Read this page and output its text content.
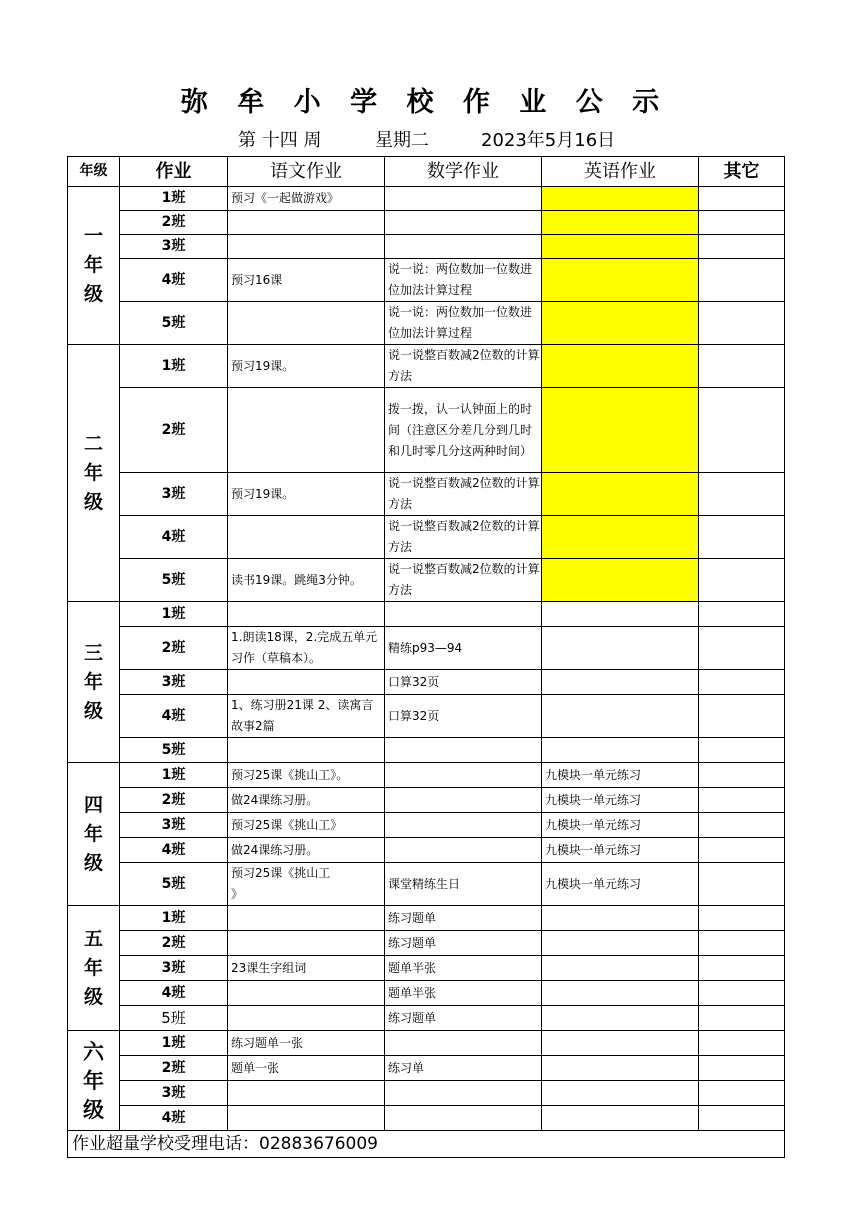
弥 牟 小 学 校 作 业 公 示
第 十四 周	星期二	2023年5月16日
年级	作业	语文作业	数学作业	英语作业	其它
一
年
级	1班	预习《一起做游戏》			
	2班				
	3班				
	4班	预习16课	说一说：两位数加一位数进位加法计算过程		
	5班		说一说：两位数加一位数进位加法计算过程		
二
年
级	1班	预习19课。	说一说整百数减2位数的计算方法		
	2班		拨一拨，认一认钟面上的时间（注意区分差几分到几时和几时零几分这两种时间）		
	3班	预习19课。	说一说整百数减2位数的计算方法		
	4班		说一说整百数减2位数的计算方法		
	5班	读书19课。跳绳3分钟。	说一说整百数减2位数的计算方法		
三
年
级	1班				
	2班	1.朗读18课，2.完成五单元习作（草稿本）。	精练p93—94		
	3班		口算32页		
	4班	1、练习册21课 2、读寓言故事2篇	口算32页		
	5班				
四
年
级	1班	预习25课《挑山工》。		九模块一单元练习	
	2班	做24课练习册。		九模块一单元练习	
	3班	预习25课《挑山工》		九模块一单元练习	
	4班	做24课练习册。		九模块一单元练习	
	5班	预习25课《挑山工
》	课堂精练生日	九模块一单元练习	
五
年
级	1班		练习题单		
	2班		练习题单		
	3班	23课生字组词	题单半张		
	4班		题单半张		
	5班		练习题单		
六
年
级	1班	练习题单一张			
	2班	题单一张	练习单		
	3班				
	4班				
作业超量学校受理电话：02883676009					
